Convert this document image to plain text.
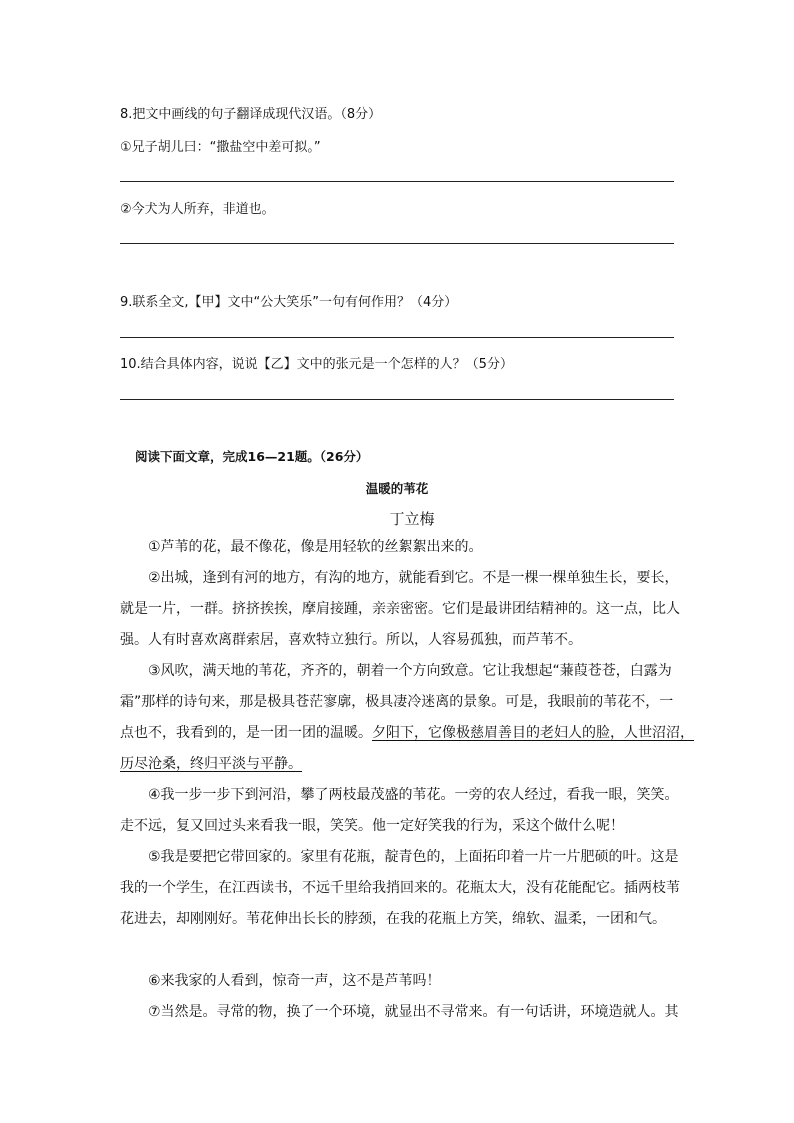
8.把文中画线的句子翻译成现代汉语。（8分）
①兄子胡儿曰：“撒盐空中差可拟。”
②今犬为人所弃，非道也。
9.联系全文,【甲】文中“公大笑乐”一句有何作用？（4分）
10.结合具体内容，说说【乙】文中的张元是一个怎样的人？（5分）
阅读下面文章，完成16—21题。（26分）
温暖的苇花
丁立梅
①芦苇的花，最不像花，像是用轻软的丝絮絮出来的。
②出城，逢到有河的地方，有沟的地方，就能看到它。不是一棵一棵单独生长，要长，
就是一片，一群。挤挤挨挨，摩肩接踵，亲亲密密。它们是最讲团结精神的。这一点，比人
强。人有时喜欢离群索居，喜欢特立独行。所以，人容易孤独，而芦苇不。
③风吹，满天地的苇花，齐齐的，朝着一个方向致意。它让我想起“蒹葭苍苍，白露为
霜”那样的诗句来，那是极具苍茫寥廓，极具凄冷迷离的景象。可是，我眼前的苇花不，一
点也不，我看到的，是一团一团的温暖。夕阳下，它像极慈眉善目的老妇人的脸，人世沼沼，
历尽沧桑，终归平淡与平静。
④我一步一步下到河沿，攀了两枝最茂盛的苇花。一旁的农人经过，看我一眼，笑笑。
走不远，复又回过头来看我一眼，笑笑。他一定好笑我的行为，采这个做什么呢！
⑤我是要把它带回家的。家里有花瓶，靛青色的，上面拓印着一片一片肥硕的叶。这是
我的一个学生，在江西读书，不远千里给我捎回来的。花瓶太大，没有花能配它。插两枝苇
花进去，却刚刚好。苇花伸出长长的脖颈，在我的花瓶上方笑，绵软、温柔，一团和气。
⑥来我家的人看到，惊奇一声，这不是芦苇吗！
⑦当然是。寻常的物，换了一个环境，就显出不寻常来。有一句话讲，环境造就人。其
